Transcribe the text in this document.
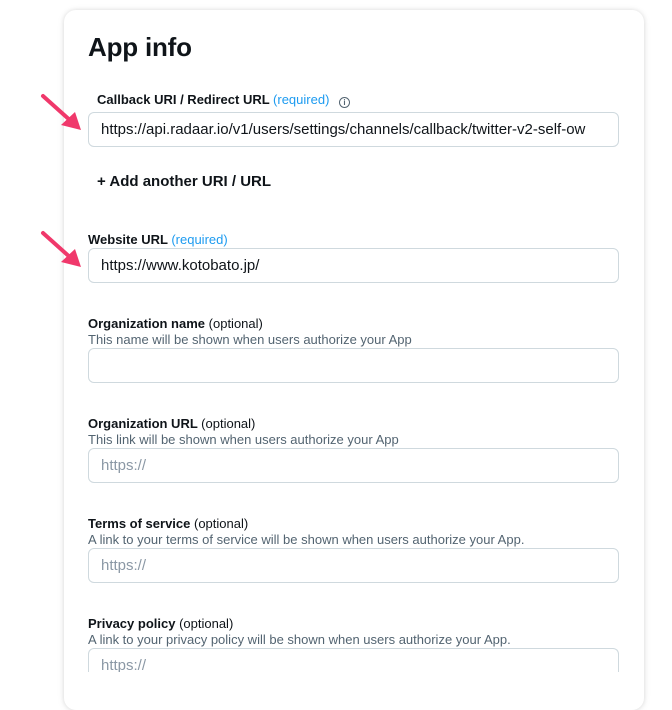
App info
Callback URI / Redirect URL (required) i
https://api.radaar.io/v1/users/settings/channels/callback/twitter-v2-self-ow
+ Add another URI / URL
Website URL (required)
https://www.kotobato.jp/
Organization name (optional)
This name will be shown when users authorize your App
Organization URL (optional)
This link will be shown when users authorize your App
https://
Terms of service (optional)
A link to your terms of service will be shown when users authorize your App.
https://
Privacy policy (optional)
A link to your privacy policy will be shown when users authorize your App.
https://
